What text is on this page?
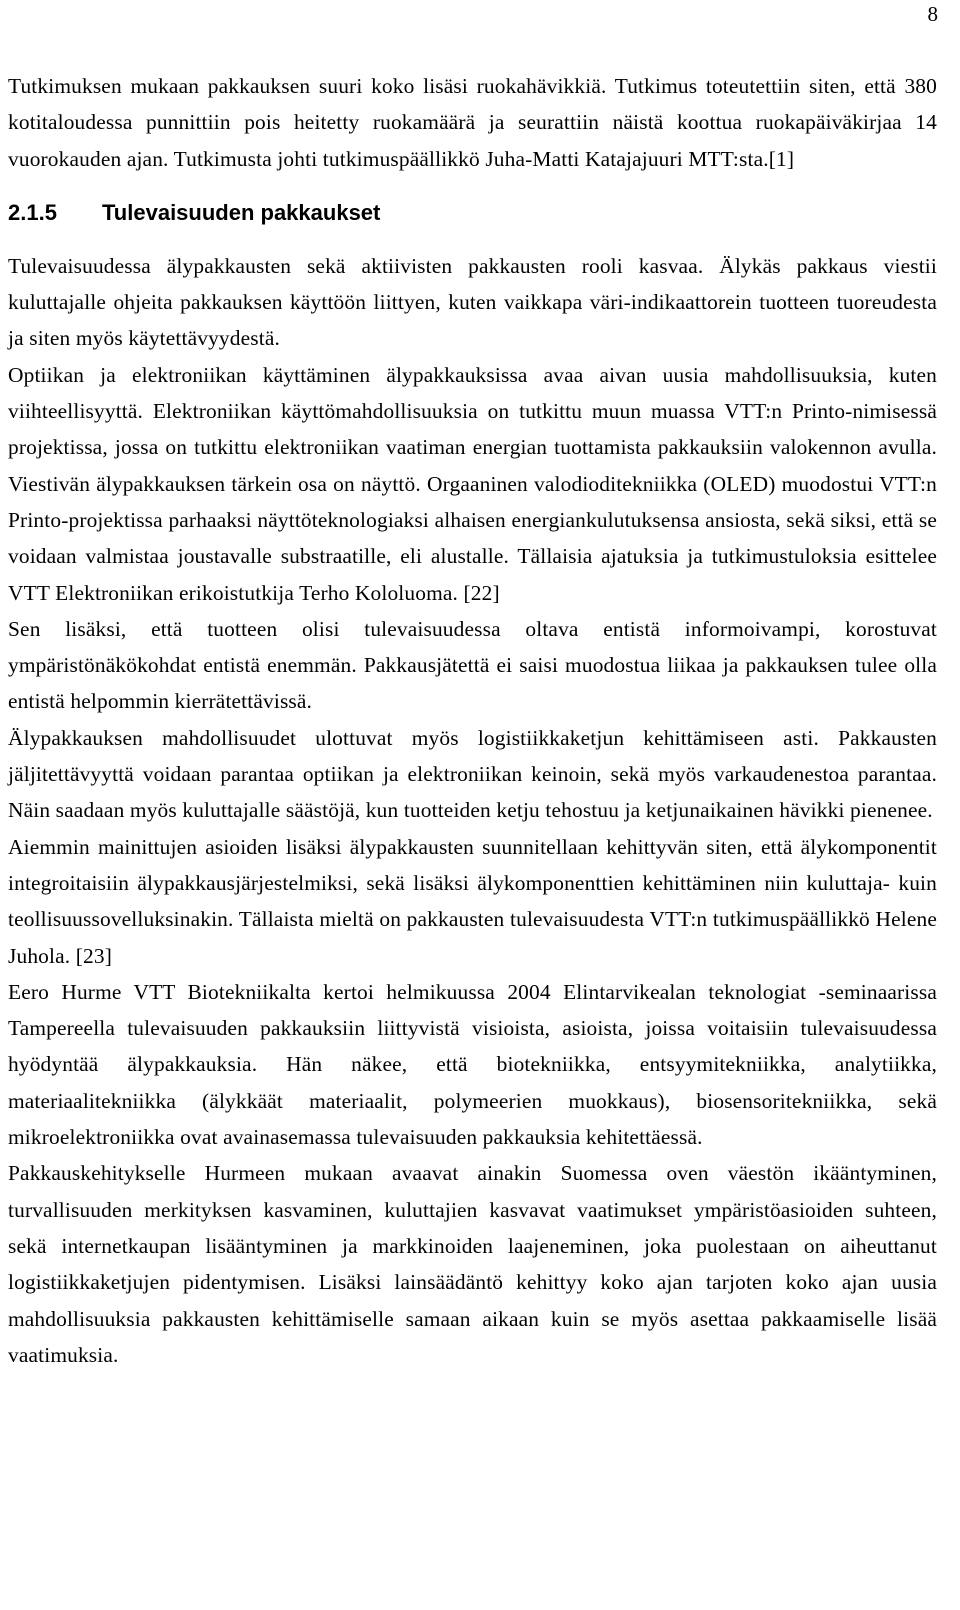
8

Tutkimuksen mukaan pakkauksen suuri koko lisäsi ruokahävikkiä. Tutkimus toteutettiin siten, että 380 kotitaloudessa punnittiin pois heitetty ruokamäärä ja seurattiin näistä koottua ruokapäiväkirjaa 14 vuorokauden ajan. Tutkimusta johti tutkimuspäällikkö Juha-Matti Katajajuuri MTT:sta.[1]

2.1.5	Tulevaisuuden pakkaukset

Tulevaisuudessa älypakkausten sekä aktiivisten pakkausten rooli kasvaa. Älykäs pakkaus viestii kuluttajalle ohjeita pakkauksen käyttöön liittyen, kuten vaikkapa väri-indikaattorein tuotteen tuoreudesta ja siten myös käytettävyydestä.

Optiikan ja elektroniikan käyttäminen älypakkauksissa avaa aivan uusia mahdollisuuksia, kuten viihteellisyyttä. Elektroniikan käyttömahdollisuuksia on tutkittu muun muassa VTT:n Printo-nimisessä projektissa, jossa on tutkittu elektroniikan vaatiman energian tuottamista pakkauksiin valokennon avulla. Viestivän älypakkauksen tärkein osa on näyttö. Orgaaninen valodioditekniikka (OLED) muodostui VTT:n Printo-projektissa parhaaksi näyttöteknologiaksi alhaisen energiankulutuksensa ansiosta, sekä siksi, että se voidaan valmistaa joustavalle substraatille, eli alustalle. Tällaisia ajatuksia ja tutkimustuloksia esittelee VTT Elektroniikan erikoistutkija Terho Kololuoma. [22]

Sen lisäksi, että tuotteen olisi tulevaisuudessa oltava entistä informoivampi, korostuvat ympäristönäkökohdat entistä enemmän. Pakkausjätettä ei saisi muodostua liikaa ja pakkauksen tulee olla entistä helpommin kierrätettävissä.

Älypakkauksen mahdollisuudet ulottuvat myös logistiikkaketjun kehittämiseen asti. Pakkausten jäljitettävyyttä voidaan parantaa optiikan ja elektroniikan keinoin, sekä myös varkaudenestoa parantaa. Näin saadaan myös kuluttajalle säästöjä, kun tuotteiden ketju tehostuu ja ketjunaikainen hävikki pienenee.

Aiemmin mainittujen asioiden lisäksi älypakkausten suunnitellaan kehittyvän siten, että älykomponentit integroitaisiin älypakkausjärjestelmiksi, sekä lisäksi älykomponenttien kehittäminen niin kuluttaja- kuin teollisuussovelluksinakin. Tällaista mieltä on pakkausten tulevaisuudesta VTT:n tutkimuspäällikkö Helene Juhola. [23]

Eero Hurme VTT Biotekniikalta kertoi helmikuussa 2004 Elintarvikealan teknologiat -seminaarissa Tampereella tulevaisuuden pakkauksiin liittyvistä visioista, asioista, joissa voitaisiin tulevaisuudessa hyödyntää älypakkauksia. Hän näkee, että biotekniikka, entsyymitekniikka, analytiikka, materiaalitekniikka (älykkäät materiaalit, polymeerien muokkaus), biosensoritekniikka, sekä mikroelektroniikka ovat avainasemassa tulevaisuuden pakkauksia kehitettäessä.

Pakkauskehitykselle Hurmeen mukaan avaavat ainakin Suomessa oven väestön ikääntyminen, turvallisuuden merkityksen kasvaminen, kuluttajien kasvavat vaatimukset ympäristöasioiden suhteen, sekä internetkaupan lisääntyminen ja markkinoiden laajeneminen, joka puolestaan on aiheuttanut logistiikkaketjujen pidentymisen. Lisäksi lainsäädäntö kehittyy koko ajan tarjoten koko ajan uusia mahdollisuuksia pakkausten kehittämiselle samaan aikaan kuin se myös asettaa pakkaamiselle lisää vaatimuksia.
